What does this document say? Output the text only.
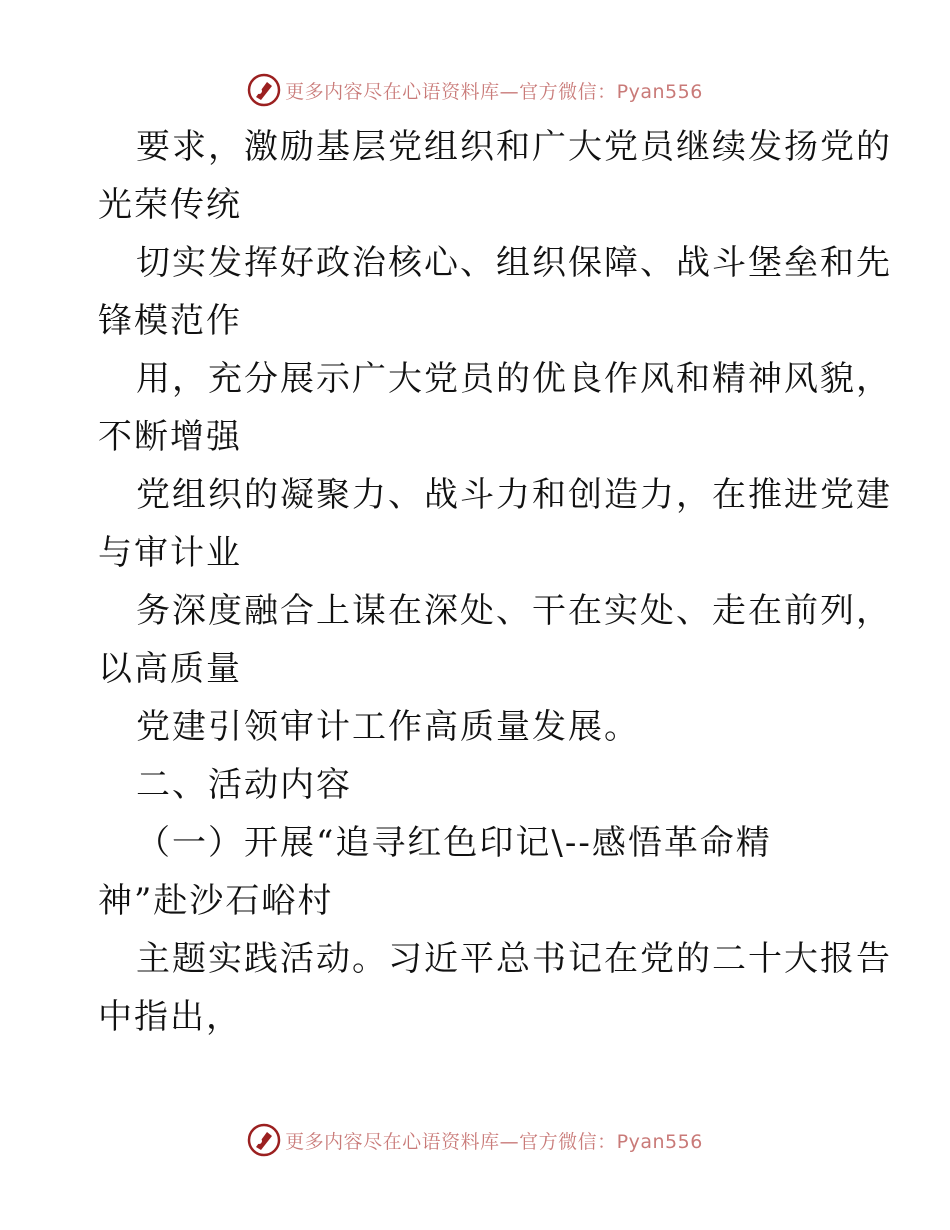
更多内容尽在心语资料库—官方微信：Pyan556
要求，激励基层党组织和广大党员继续发扬党的
光荣传统
切实发挥好政治核心、组织保障、战斗堡垒和先
锋模范作
用，充分展示广大党员的优良作风和精神风貌，
不断增强
党组织的凝聚力、战斗力和创造力，在推进党建
与审计业
务深度融合上谋在深处、干在实处、走在前列，
以高质量
党建引领审计工作高质量发展。
二、活动内容
（一）开展“追寻红色印记\--感悟革命精
神”赴沙石峪村
主题实践活动。习近平总书记在党的二十大报告
中指出，
更多内容尽在心语资料库—官方微信：Pyan556
